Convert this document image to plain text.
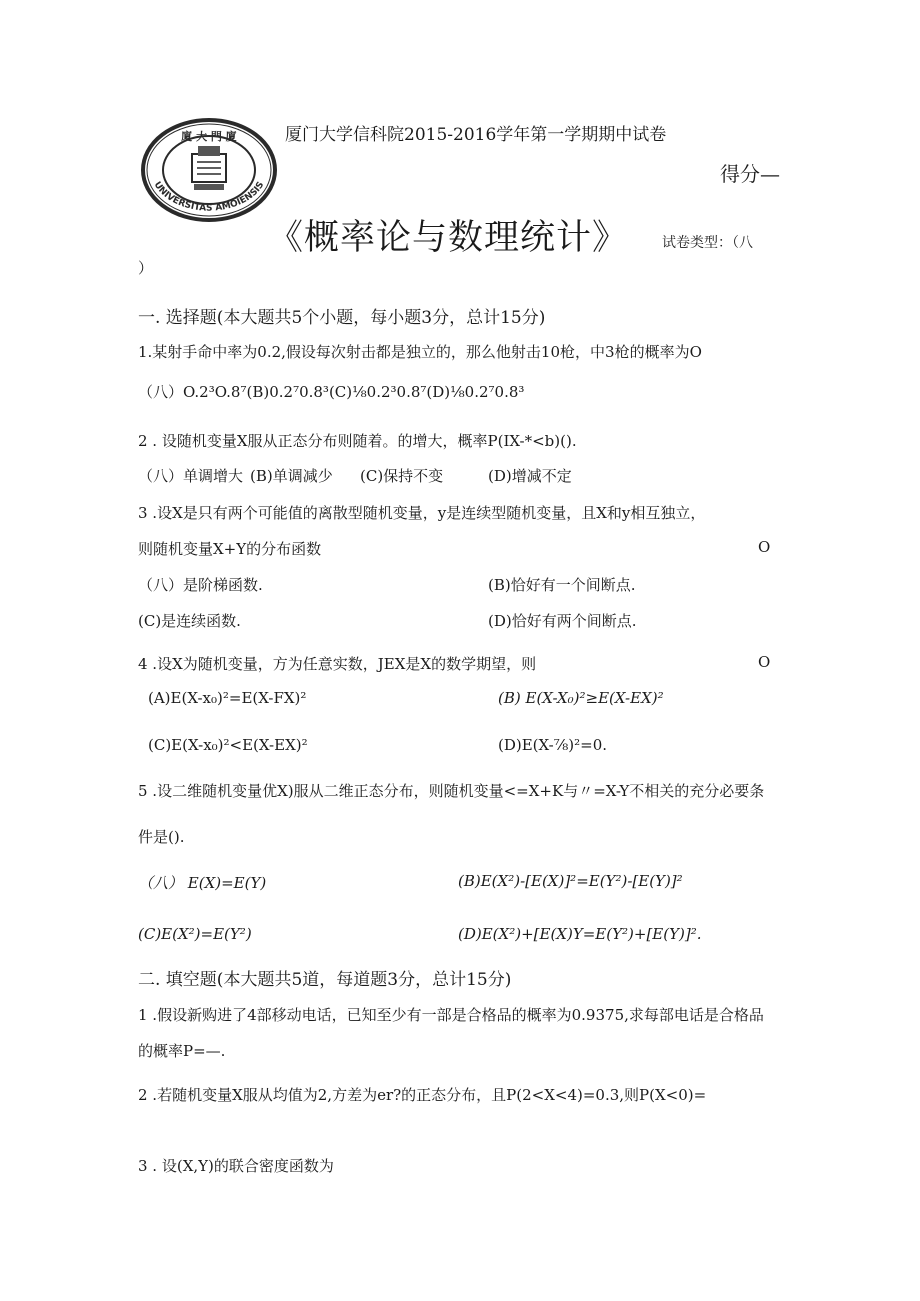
廈 大 門 廈
UNIVERSITAS AMOIENSIS
厦门大学信科院2015-2016学年第一学期期中试卷
得分—
《概率论与数理统计》 试卷类型：（八
）
一. 选择题(本大题共5个小题，每小题3分，总计15分)
1.某射手命中率为0.2,假设每次射击都是独立的，那么他射击10枪，中3枪的概率为O
（八）O.2³O.8⁷(B)0.2⁷0.8³(C)⅛0.2³0.8⁷(D)⅛0.2⁷0.8³
2 . 设随机变量X服从正态分布则随着。的增大，概率P(IX-*<b)().
（八）单调增大 (B)单调减少 (C)保持不变	(D)增减不定
3 .设X是只有两个可能值的离散型随机变量，y是连续型随机变量，且X和y相互独立，
则随机变量X+Y的分布函数	O
（八）是阶梯函数.	(B)恰好有一个间断点.
(C)是连续函数.	(D)恰好有两个间断点.
4 .设X为随机变量，方为任意实数，JEX是X的数学期望，则	O
(A)E(X-x₀)²=E(X-FX)²	(B) E(X-X₀)²≥E(X-EX)²
(C)E(X-x₀)²<E(X-EX)²	(D)E(X-⅞)²=0.
5 .设二维随机变量优X)服从二维正态分布，则随机变量<=X+K与〃=X-Y不相关的充分必要条
件是().
（八） E(X)=E(Y)	(B)E(X²)-[E(X)]²=E(Y²)-[E(Y)]²
(C)E(X²)=E(Y²)	(D)E(X²)+[E(X)Y=E(Y²)+[E(Y)]².
二. 填空题(本大题共5道，每道题3分，总计15分)
1 .假设新购进了4部移动电话，已知至少有一部是合格品的概率为0.9375,求每部电话是合格品
的概率P=—.
2 .若随机变量X服从均值为2,方差为er?的正态分布，且P(2<X<4)=0.3,则P(X<0)=
3 . 设(X,Y)的联合密度函数为
